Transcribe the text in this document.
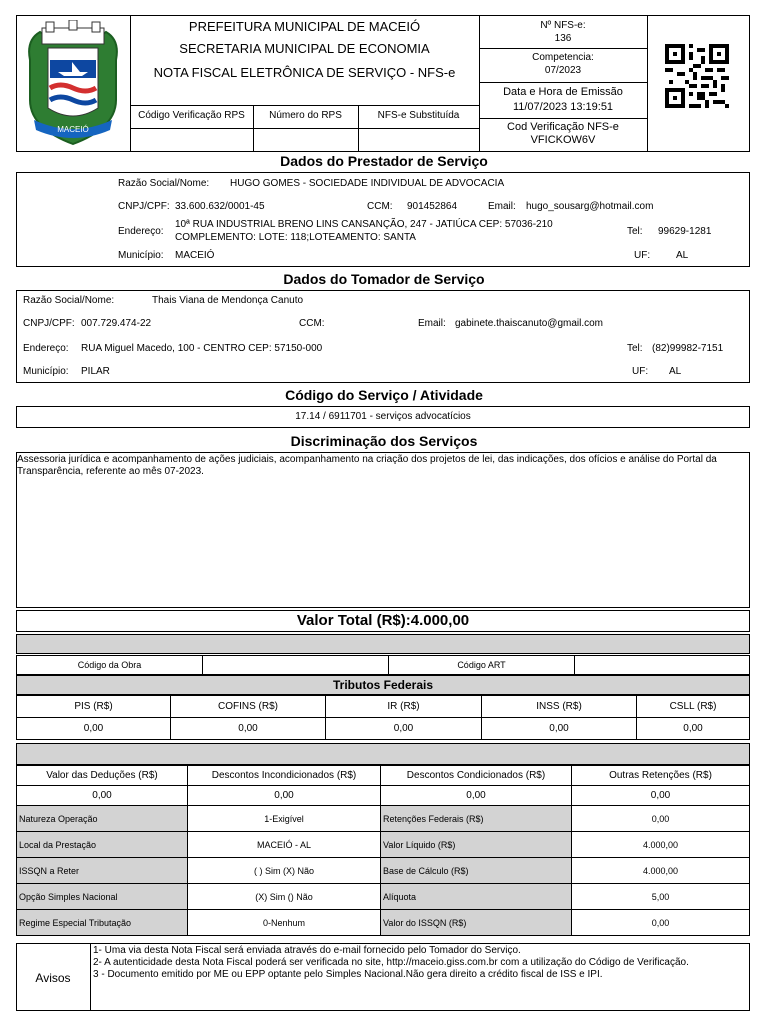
MACEIÓ
PREFEITURA MUNICIPAL DE MACEIÓ
SECRETARIA MUNICIPAL DE ECONOMIA
NOTA FISCAL ELETRÔNICA DE SERVIÇO - NFS-e
Código Verificação RPS	Número do RPS	NFS-e Substituída
Nº NFS-e:
136
Competencia:
07/2023
Data e Hora de Emissão
11/07/2023 13:19:51
Cod Verificação NFS-e
VFICKOW6V
Dados do Prestador de Serviço
Razão Social/Nome: HUGO GOMES - SOCIEDADE INDIVIDUAL DE ADVOCACIA
CNPJ/CPF: 33.600.632/0001-45	CCM: 901452864	Email: hugo_sousarg@hotmail.com
Endereço:
10ª RUA INDUSTRIAL BRENO LINS CANSANÇÃO, 247 - JATIÚCA CEP: 57036-210
COMPLEMENTO: LOTE: 118;LOTEAMENTO: SANTA
Tel: 99629-1281
Município: MACEIÓ	UF:	AL
Dados do Tomador de Serviço
Razão Social/Nome:	Thais Viana de Mendonça Canuto
CNPJ/CPF: 007.729.474-22	CCM:	Email: gabinete.thaiscanuto@gmail.com
Endereço: RUA Miguel Macedo, 100 - CENTRO CEP: 57150-000	Tel: (82)99982-7151
Município: PILAR	UF: AL
Código do Serviço / Atividade
17.14 / 6911701 - serviços advocatícios
Discriminação dos Serviços
Assessoria jurídica e acompanhamento de ações judiciais, acompanhamento na criação dos projetos de lei, das indicações, dos ofícios e análise do Portal da Transparência, referente ao mês 07-2023.
Valor Total (R$):4.000,00
Código da Obra		Código ART	
Tributos Federais
PIS (R$)	COFINS (R$)	IR (R$)	INSS (R$)	CSLL (R$)
0,00	0,00	0,00	0,00	0,00
Valor das Deduções (R$)	Descontos Incondicionados (R$)	Descontos Condicionados (R$)	Outras Retenções (R$)
0,00	0,00	0,00	0,00
Natureza Operação	1-Exigível	Retenções Federais (R$)	0,00
Local da Prestação	MACEIÓ - AL	Valor Líquido (R$)	4.000,00
ISSQN a Reter	( ) Sim (X) Não	Base de Cálculo (R$)	4.000,00
Opção Simples Nacional	(X) Sim () Não	Alíquota	5,00
Regime Especial Tributação	0-Nenhum	Valor do ISSQN (R$)	0,00
Avisos
1- Uma via desta Nota Fiscal será enviada através do e-mail fornecido pelo Tomador do Serviço.
2- A autenticidade desta Nota Fiscal poderá ser verificada no site, http://maceio.giss.com.br com a utilização do Código de Verificação.
3 - Documento emitido por ME ou EPP optante pelo Simples Nacional.Não gera direito a crédito fiscal de ISS e IPI.
